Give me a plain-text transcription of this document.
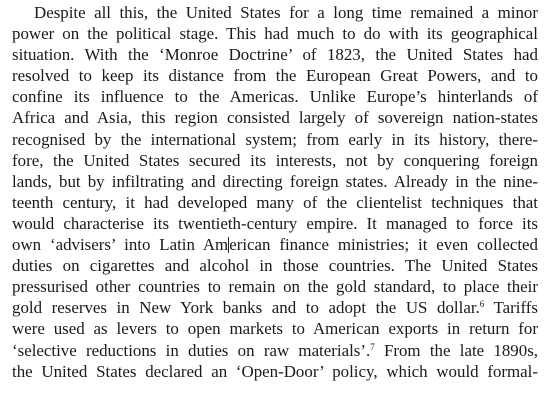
Despite all this, the United States for a long time remained a minor
power on the political stage. This had much to do with its geographical
situation. With the ‘Monroe Doctrine’ of 1823, the United States had
resolved to keep its distance from the European Great Powers, and to
confine its influence to the Americas. Unlike Europe’s hinterlands of
Africa and Asia, this region consisted largely of sovereign nation-states
recognised by the international system; from early in its history, there-
fore, the United States secured its interests, not by conquering foreign
lands, but by infiltrating and directing foreign states. Already in the nine-
teenth century, it had developed many of the clientelist techniques that
would characterise its twentieth-century empire. It managed to force its
own ‘advisers’ into Latin American finance ministries; it even collected
duties on cigarettes and alcohol in those countries. The United States
pressurised other countries to remain on the gold standard, to place their
gold reserves in New York banks and to adopt the US dollar.$^6$ Tariffs
were used as levers to open markets to American exports in return for
‘selective reductions in duties on raw materials’.$^7$ From the late 1890s,
the United States declared an ‘Open-Door’ policy, which would formal-
